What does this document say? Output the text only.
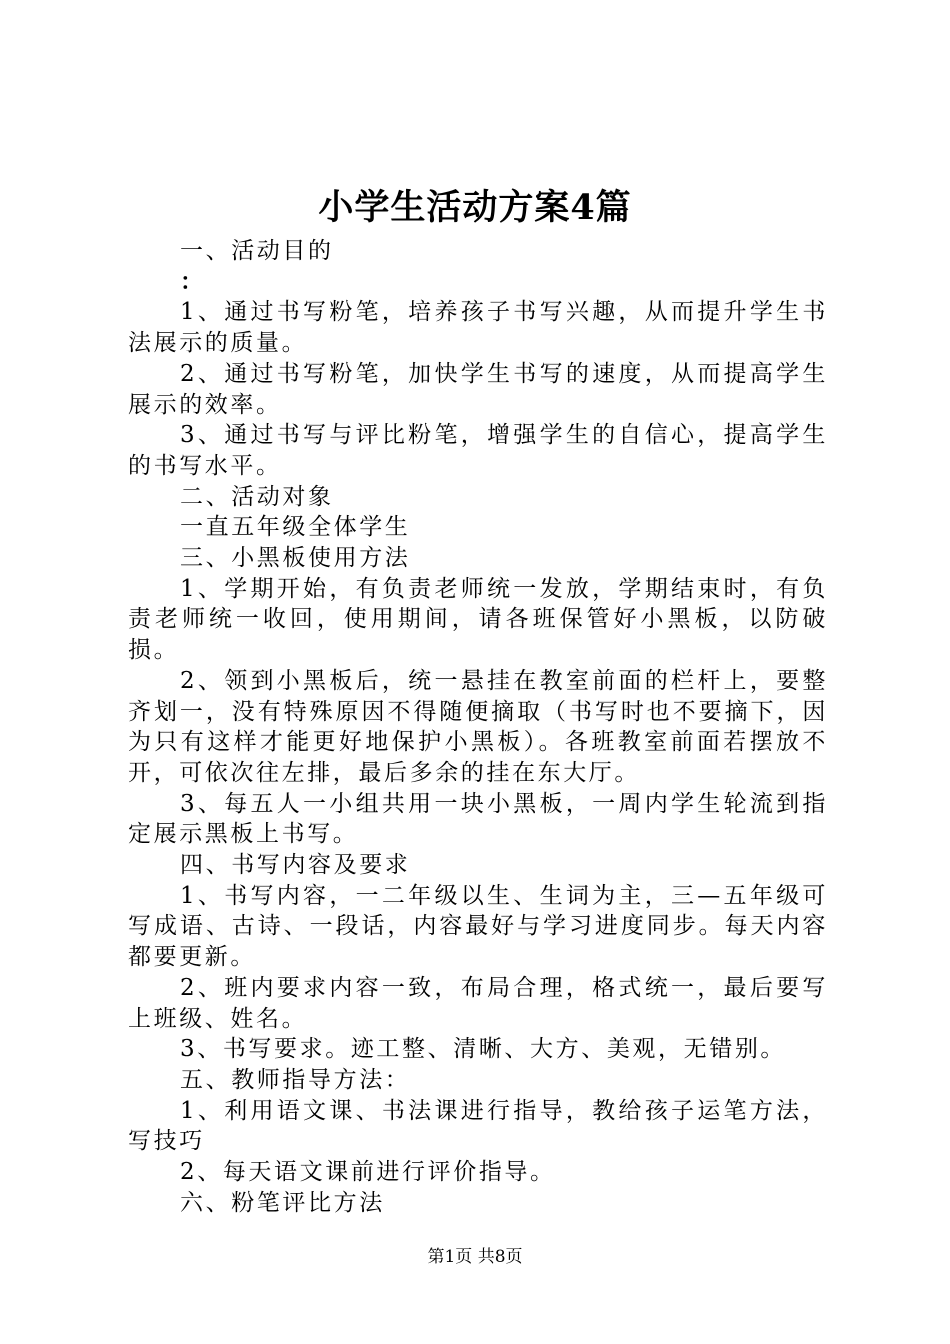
小学生活动方案4篇

一、活动目的

：

1、通过书写粉笔，培养孩子书写兴趣，从而提升学生书法展示的质量。

2、通过书写粉笔，加快学生书写的速度，从而提高学生展示的效率。

3、通过书写与评比粉笔，增强学生的自信心，提高学生的书写水平。

二、活动对象

一直五年级全体学生

三、小黑板使用方法

1、学期开始，有负责老师统一发放，学期结束时，有负责老师统一收回，使用期间，请各班保管好小黑板，以防破损。

2、领到小黑板后，统一悬挂在教室前面的栏杆上，要整齐划一，没有特殊原因不得随便摘取（书写时也不要摘下，因为只有这样才能更好地保护小黑板）。各班教室前面若摆放不开，可依次往左排，最后多余的挂在东大厅。

3、每五人一小组共用一块小黑板，一周内学生轮流到指定展示黑板上书写。

四、书写内容及要求

1、书写内容，一二年级以生、生词为主，三—五年级可写成语、古诗、一段话，内容最好与学习进度同步。每天内容都要更新。

2、班内要求内容一致，布局合理，格式统一，最后要写上班级、姓名。

3、书写要求。迹工整、清晰、大方、美观，无错别。

五、教师指导方法：

1、利用语文课、书法课进行指导，教给孩子运笔方法，写技巧

2、每天语文课前进行评价指导。

六、粉笔评比方法

第1页 共8页
